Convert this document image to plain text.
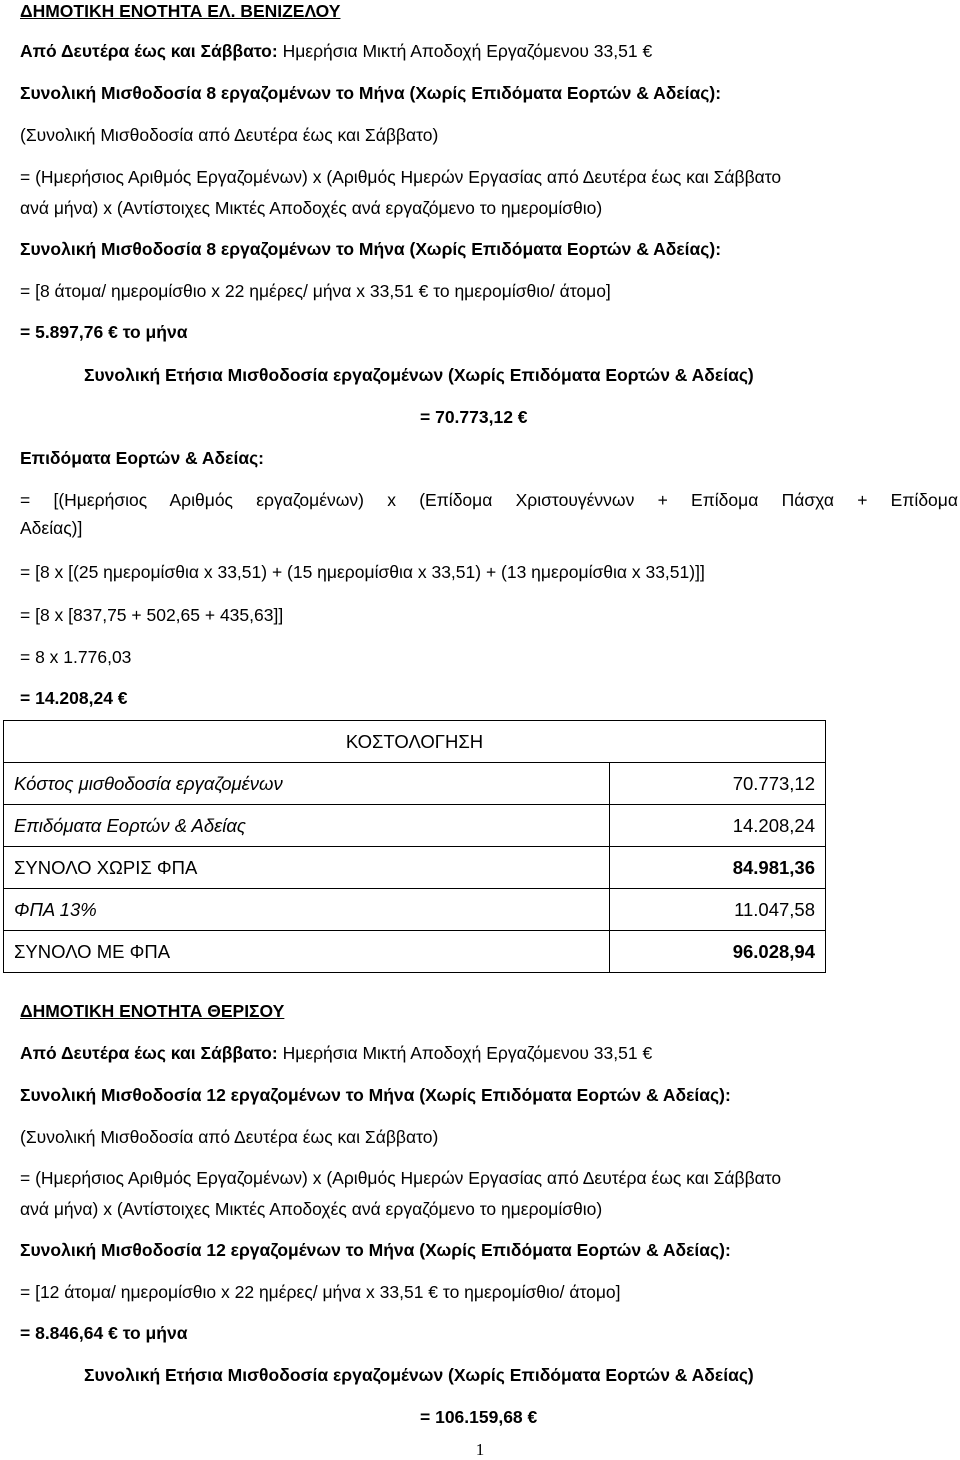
ΔΗΜΟΤΙΚΗ ΕΝΟΤΗΤΑ ΕΛ. ΒΕΝΙΖΕΛΟΥ
Από Δευτέρα έως και Σάββατο: Ημερήσια Μικτή Αποδοχή Εργαζόμενου 33,51 €
Συνολική Μισθοδοσία 8 εργαζομένων το Μήνα (Χωρίς Επιδόματα Εορτών & Αδείας):
(Συνολική Μισθοδοσία από Δευτέρα έως και Σάββατο)
= (Ημερήσιος Αριθμός Εργαζομένων) x (Αριθμός Ημερών Εργασίας από Δευτέρα έως και Σάββατο
ανά μήνα) x (Αντίστοιχες Μικτές Αποδοχές ανά εργαζόμενο το ημερομίσθιο)
Συνολική Μισθοδοσία 8 εργαζομένων το Μήνα (Χωρίς Επιδόματα Εορτών & Αδείας):
= [8 άτομα/ ημερομίσθιο x 22 ημέρες/ μήνα x 33,51 € το ημερομίσθιο/ άτομο]
= 5.897,76 € το μήνα
Συνολική Ετήσια Μισθοδοσία εργαζομένων (Χωρίς Επιδόματα Εορτών & Αδείας)
= 70.773,12 €
Επιδόματα Εορτών & Αδείας:
= [(Ημερήσιος Αριθμός εργαζομένων) x (Επίδομα Χριστουγέννων + Επίδομα Πάσχα + Επίδομα
Αδείας)]
= [8 x [(25 ημερομίσθια x 33,51) + (15 ημερομίσθια x 33,51) + (13 ημερομίσθια x 33,51)]]
= [8 x [837,75 + 502,65 + 435,63]]
= 8 x 1.776,03
= 14.208,24 €
ΚΟΣΤΟΛΟΓΗΣΗ	
Κόστος μισθοδοσία εργαζομένων	70.773,12
Επιδόματα Εορτών & Αδείας	14.208,24
ΣΥΝΟΛΟ ΧΩΡΙΣ ΦΠΑ	84.981,36
ΦΠΑ 13%	11.047,58
ΣΥΝΟΛΟ ΜΕ ΦΠΑ	96.028,94
ΔΗΜΟΤΙΚΗ ΕΝΟΤΗΤΑ ΘΕΡΙΣΟΥ
Από Δευτέρα έως και Σάββατο: Ημερήσια Μικτή Αποδοχή Εργαζόμενου 33,51 €
Συνολική Μισθοδοσία 12 εργαζομένων το Μήνα (Χωρίς Επιδόματα Εορτών & Αδείας):
(Συνολική Μισθοδοσία από Δευτέρα έως και Σάββατο)
= (Ημερήσιος Αριθμός Εργαζομένων) x (Αριθμός Ημερών Εργασίας από Δευτέρα έως και Σάββατο
ανά μήνα) x (Αντίστοιχες Μικτές Αποδοχές ανά εργαζόμενο το ημερομίσθιο)
Συνολική Μισθοδοσία 12 εργαζομένων το Μήνα (Χωρίς Επιδόματα Εορτών & Αδείας):
= [12 άτομα/ ημερομίσθιο x 22 ημέρες/ μήνα x 33,51 € το ημερομίσθιο/ άτομο]
= 8.846,64 € το μήνα
Συνολική Ετήσια Μισθοδοσία εργαζομένων (Χωρίς Επιδόματα Εορτών & Αδείας)
= 106.159,68 €
1
